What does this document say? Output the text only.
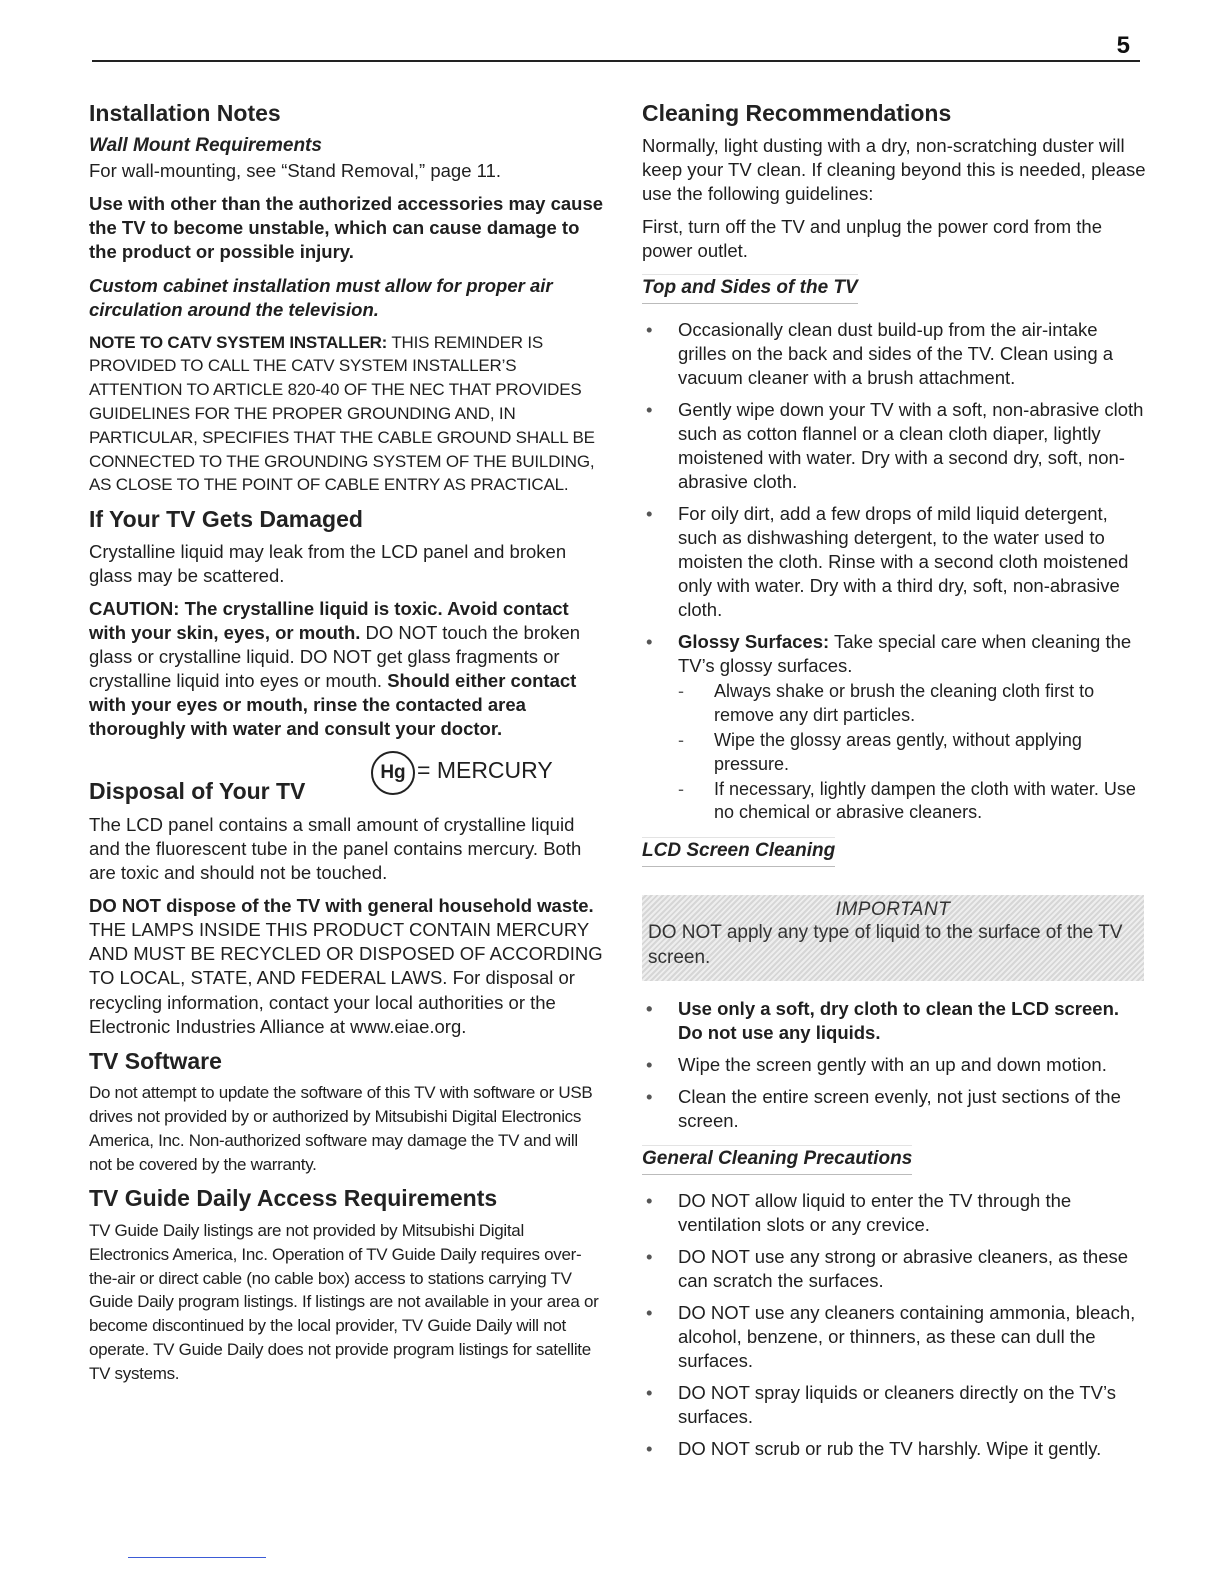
5
Installation Notes
Wall Mount Requirements

For wall-mounting, see “Stand Removal,” page 11.

Use with other than the authorized accessories may cause the TV to become unstable, which can cause damage to the product or possible injury.

Custom cabinet installation must allow for proper air circulation around the television.

NOTE TO CATV SYSTEM INSTALLER: THIS REMINDER IS PROVIDED TO CALL THE CATV SYSTEM INSTALLER’S ATTENTION TO ARTICLE 820-40 OF THE NEC THAT PROVIDES GUIDELINES FOR THE PROPER GROUNDING AND, IN PARTICULAR, SPECIFIES THAT THE CABLE GROUND SHALL BE CONNECTED TO THE GROUNDING SYSTEM OF THE BUILDING, AS CLOSE TO THE POINT OF CABLE ENTRY AS PRACTICAL.

If Your TV Gets Damaged

Crystalline liquid may leak from the LCD panel and broken glass may be scattered.

CAUTION: The crystalline liquid is toxic. Avoid contact with your skin, eyes, or mouth. DO NOT touch the broken glass or crystalline liquid. DO NOT get glass fragments or crystalline liquid into eyes or mouth. Should either contact with your eyes or mouth, rinse the contacted area thoroughly with water and consult your doctor.

Disposal of Your TV
Hg = MERCURY

The LCD panel contains a small amount of crystalline liquid and the fluorescent tube in the panel contains mercury. Both are toxic and should not be touched.

DO NOT dispose of the TV with general household waste. THE LAMPS INSIDE THIS PRODUCT CONTAIN MERCURY AND MUST BE RECYCLED OR DISPOSED OF ACCORDING TO LOCAL, STATE, AND FEDERAL LAWS. For disposal or recycling information, contact your local authorities or the Electronic Industries Alliance at www.eiae.org.

TV Software

Do not attempt to update the software of this TV with software or USB drives not provided by or authorized by Mitsubishi Digital Electronics America, Inc. Non-authorized software may damage the TV and will not be covered by the warranty.

TV Guide Daily Access Requirements

TV Guide Daily listings are not provided by Mitsubishi Digital Electronics America, Inc. Operation of TV Guide Daily requires over-the-air or direct cable (no cable box) access to stations carrying TV Guide Daily program listings. If listings are not available in your area or become discontinued by the local provider, TV Guide Daily will not operate. TV Guide Daily does not provide program listings for satellite TV systems.

Cleaning Recommendations

Normally, light dusting with a dry, non-scratching duster will keep your TV clean. If cleaning beyond this is needed, please use the following guidelines:

First, turn off the TV and unplug the power cord from the power outlet.

Top and Sides of the TV
• Occasionally clean dust build-up from the air-intake grilles on the back and sides of the TV. Clean using a vacuum cleaner with a brush attachment.
• Gently wipe down your TV with a soft, non-abrasive cloth such as cotton flannel or a clean cloth diaper, lightly moistened with water. Dry with a second dry, soft, non-abrasive cloth.
• For oily dirt, add a few drops of mild liquid detergent, such as dishwashing detergent, to the water used to moisten the cloth. Rinse with a second cloth moistened only with water. Dry with a third dry, soft, non-abrasive cloth.
• Glossy Surfaces: Take special care when cleaning the TV’s glossy surfaces.
- Always shake or brush the cleaning cloth first to remove any dirt particles.
- Wipe the glossy areas gently, without applying pressure.
- If necessary, lightly dampen the cloth with water. Use no chemical or abrasive cleaners.
LCD Screen Cleaning
IMPORTANT
DO NOT apply any type of liquid to the surface of the TV screen.
• Use only a soft, dry cloth to clean the LCD screen. Do not use any liquids.
• Wipe the screen gently with an up and down motion.
• Clean the entire screen evenly, not just sections of the screen.
General Cleaning Precautions
• DO NOT allow liquid to enter the TV through the ventilation slots or any crevice.
• DO NOT use any strong or abrasive cleaners, as these can scratch the surfaces.
• DO NOT use any cleaners containing ammonia, bleach, alcohol, benzene, or thinners, as these can dull the surfaces.
• DO NOT spray liquids or cleaners directly on the TV’s surfaces.
• DO NOT scrub or rub the TV harshly. Wipe it gently.
